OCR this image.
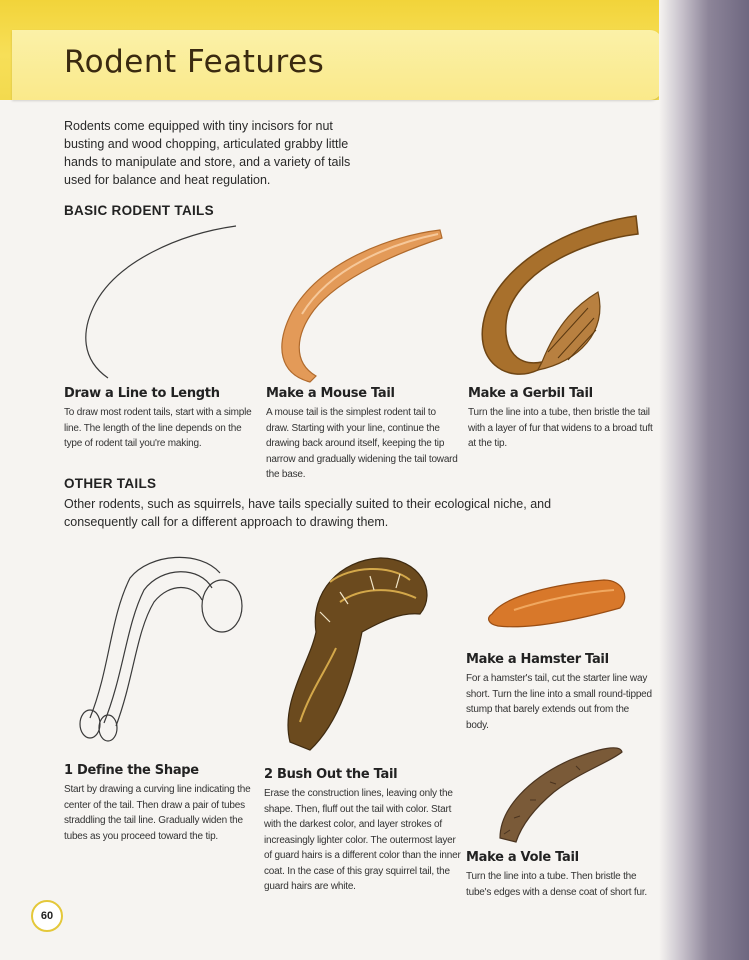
Rodent Features

Rodents come equipped with tiny incisors for nut busting and wood chopping, articulated grabby little hands to manipulate and store, and a variety of tails used for balance and heat regulation.

BASIC RODENT TAILS
Draw a Line to Length

To draw most rodent tails, start with a simple line. The length of the line depends on the type of rodent tail you're making.

Make a Mouse Tail

A mouse tail is the simplest rodent tail to draw. Starting with your line, continue the drawing back around itself, keeping the tip narrow and gradually widening the tail toward the base.

Make a Gerbil Tail

Turn the line into a tube, then bristle the tail with a layer of fur that widens to a broad tuft at the tip.

OTHER TAILS

Other rodents, such as squirrels, have tails specially suited to their ecological niche, and consequently call for a different approach to drawing them.

1 Define the Shape

Start by drawing a curving line indicating the center of the tail. Then draw a pair of tubes straddling the tail line. Gradually widen the tubes as you proceed toward the tip.

2 Bush Out the Tail

Erase the construction lines, leaving only the shape. Then, fluff out the tail with color. Start with the darkest color, and layer strokes of increasingly lighter color. The outermost layer of guard hairs is a different color than the inner coat. In the case of this gray squirrel tail, the guard hairs are white.

Make a Hamster Tail

For a hamster's tail, cut the starter line way short. Turn the line into a small round-tipped stump that barely extends out from the body.

Make a Vole Tail

Turn the line into a tube. Then bristle the tube's edges with a dense coat of short fur.

60
